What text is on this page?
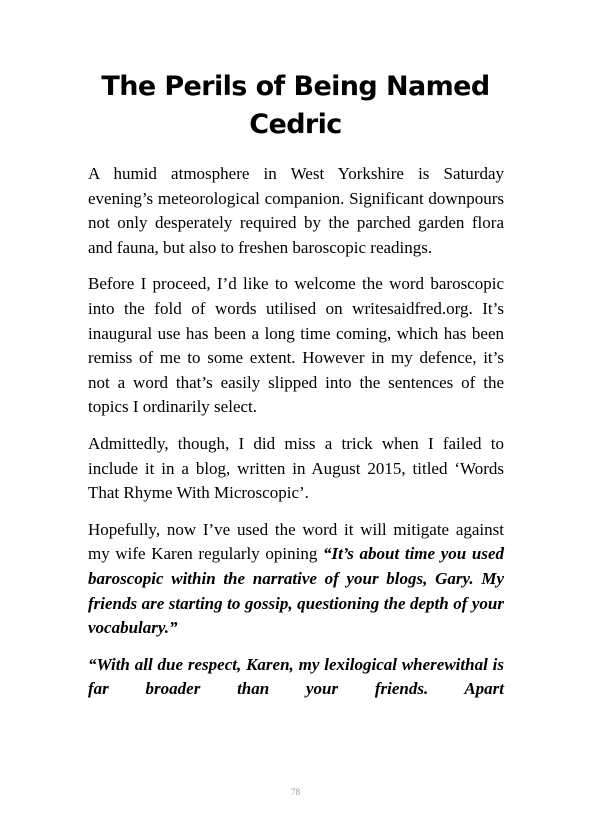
The Perils of Being Named Cedric

A humid atmosphere in West Yorkshire is Saturday evening’s meteorological companion. Significant downpours not only desperately required by the parched garden flora and fauna, but also to freshen baroscopic readings.

Before I proceed, I’d like to welcome the word baroscopic into the fold of words utilised on writesaidfred.org. It’s inaugural use has been a long time coming, which has been remiss of me to some extent. However in my defence, it’s not a word that’s easily slipped into the sentences of the topics I ordinarily select.

Admittedly, though, I did miss a trick when I failed to include it in a blog, written in August 2015, titled ‘Words That Rhyme With Microscopic’.

Hopefully, now I’ve used the word it will mitigate against my wife Karen regularly opining “It’s about time you used baroscopic within the narrative of your blogs, Gary. My friends are starting to gossip, questioning the depth of your vocabulary.”

“With all due respect, Karen, my lexilogical wherewithal is far broader than your friends. Apart

78
